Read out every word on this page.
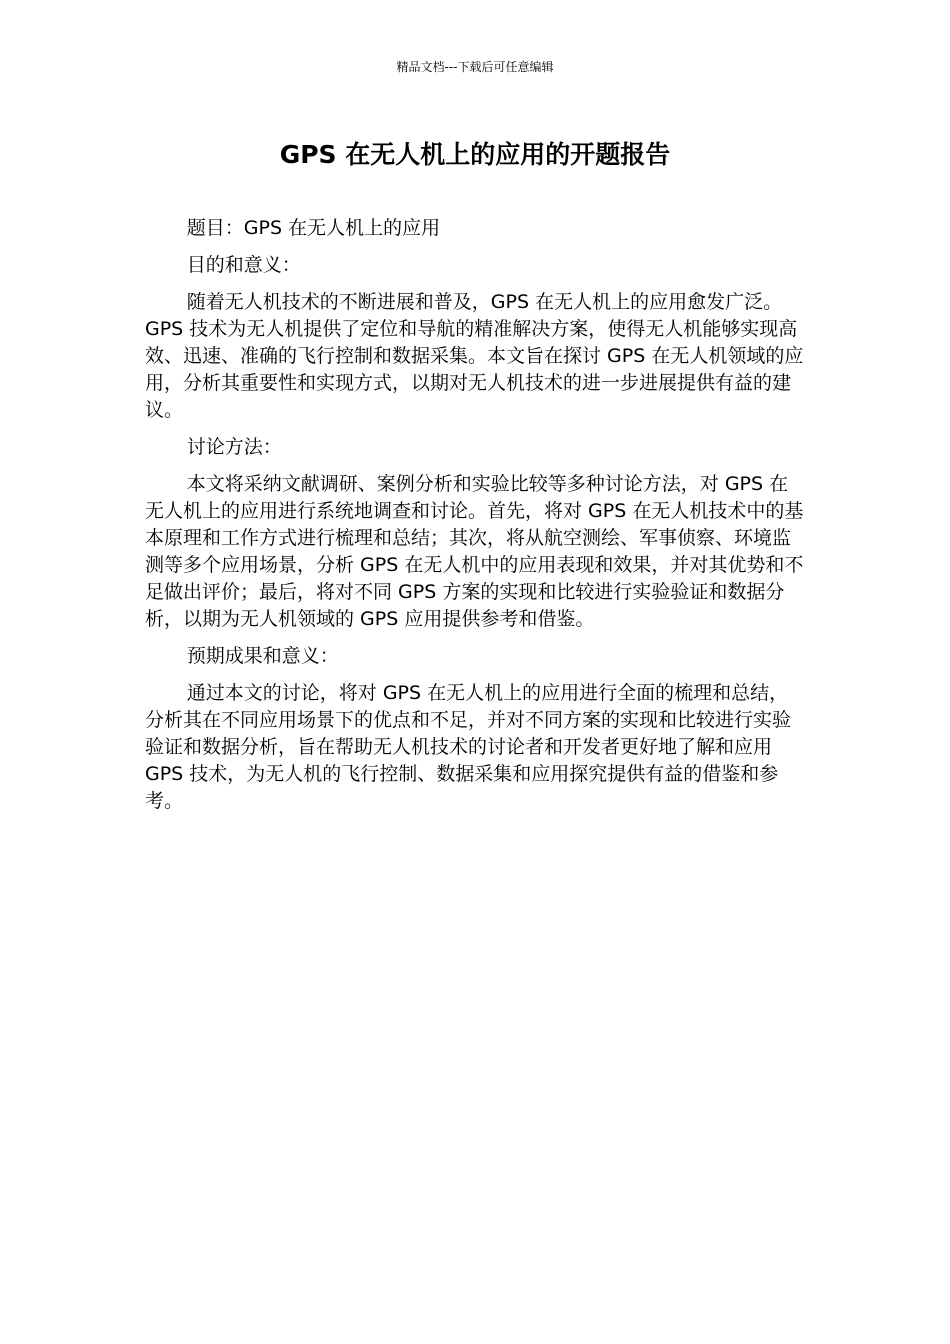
精品文档---下载后可任意编辑
GPS 在无人机上的应用的开题报告

题目：GPS 在无人机上的应用

目的和意义：

随着无人机技术的不断进展和普及，GPS 在无人机上的应用愈发广泛。GPS 技术为无人机提供了定位和导航的精准解决方案，使得无人机能够实现高效、迅速、准确的飞行控制和数据采集。本文旨在探讨 GPS 在无人机领域的应用，分析其重要性和实现方式，以期对无人机技术的进一步进展提供有益的建议。

讨论方法：

本文将采纳文献调研、案例分析和实验比较等多种讨论方法，对 GPS 在无人机上的应用进行系统地调查和讨论。首先，将对 GPS 在无人机技术中的基本原理和工作方式进行梳理和总结；其次，将从航空测绘、军事侦察、环境监测等多个应用场景，分析 GPS 在无人机中的应用表现和效果，并对其优势和不足做出评价；最后，将对不同 GPS 方案的实现和比较进行实验验证和数据分析，以期为无人机领域的 GPS 应用提供参考和借鉴。

预期成果和意义：

通过本文的讨论，将对 GPS 在无人机上的应用进行全面的梳理和总结，分析其在不同应用场景下的优点和不足，并对不同方案的实现和比较进行实验验证和数据分析，旨在帮助无人机技术的讨论者和开发者更好地了解和应用 GPS 技术，为无人机的飞行控制、数据采集和应用探究提供有益的借鉴和参考。
